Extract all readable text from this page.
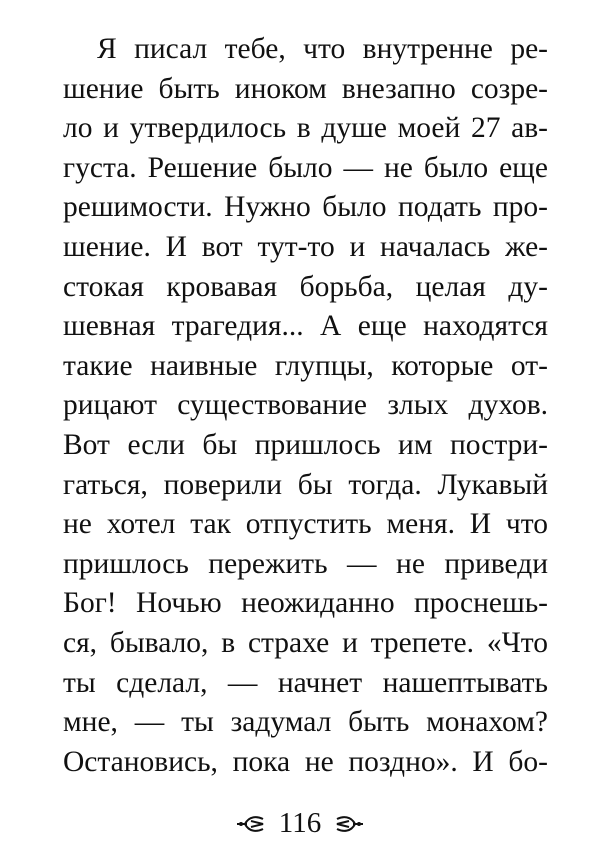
Я писал тебе, что внутренне ре-
шение быть иноком внезапно созре-
ло и утвердилось в душе моей 27 ав-
густа. Решение было — не было еще
решимости. Нужно было подать про-
шение. И вот тут-то и началась же-
стокая кровавая борьба, целая ду-
шевная трагедия... А еще находятся
такие наивные глупцы, которые от-
рицают существование злых духов.
Вот если бы пришлось им постри-
гаться, поверили бы тогда. Лукавый
не хотел так отпустить меня. И что
пришлось пережить — не приведи
Бог! Ночью неожиданно проснешь-
ся, бывало, в страхе и трепете. «Что
ты сделал, — начнет нашептывать
мне, — ты задумал быть монахом?
Остановись, пока не поздно». И бо-
116
